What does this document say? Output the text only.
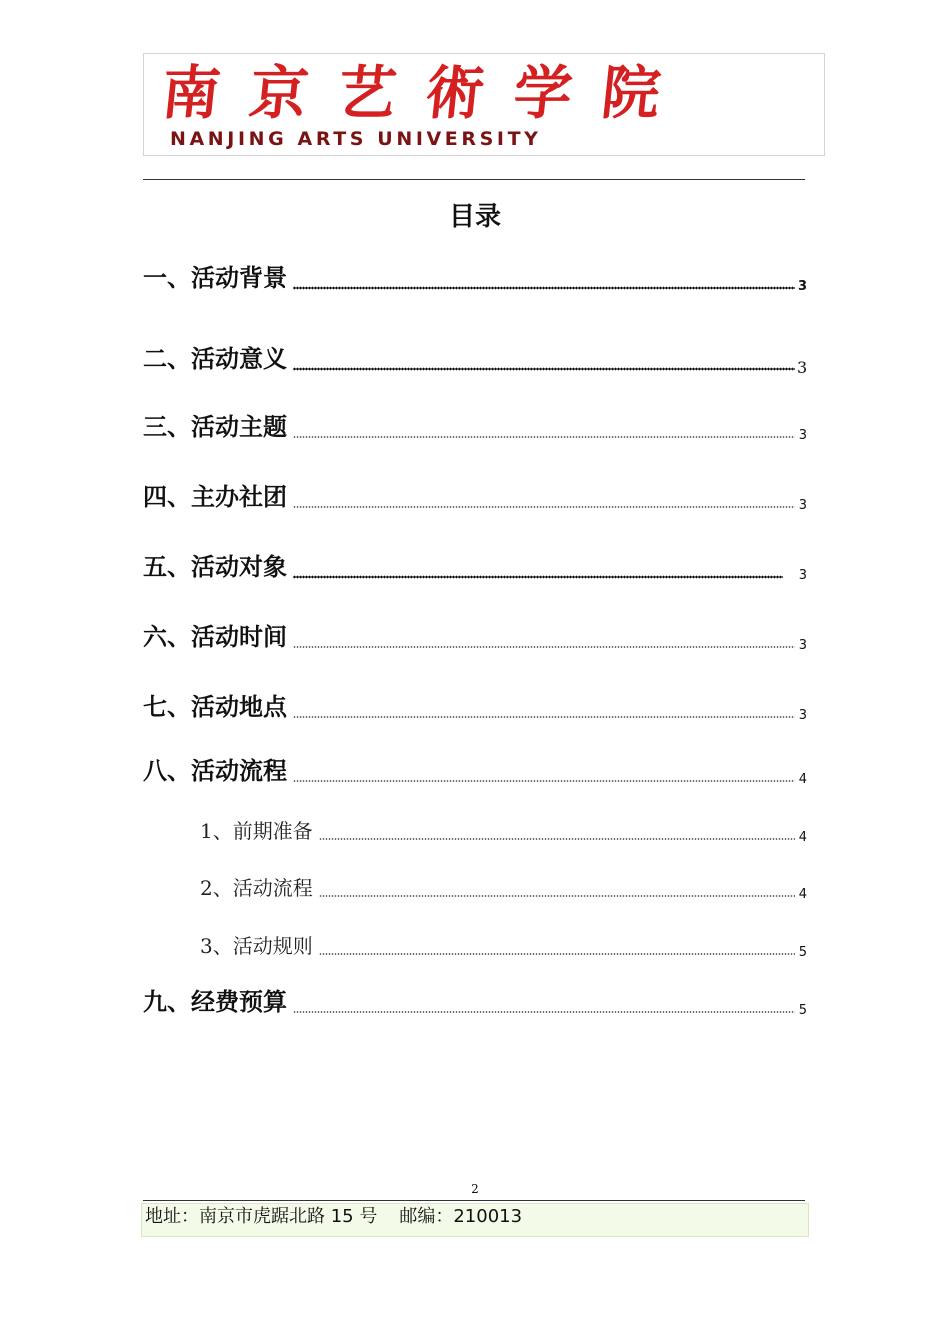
南京艺術学院
NANJING ARTS UNIVERSITY
目录
一、活动背景	3
二、活动意义	3
三、活动主题	3
四、主办社团	3
五、活动对象	3
六、活动时间	3
七、活动地点	3
八、活动流程	4
1、前期准备	4
2、活动流程	4
3、活动规则	5
九、经费预算	5
2
地址：南京市虎踞北路 15 号 邮编：210013
